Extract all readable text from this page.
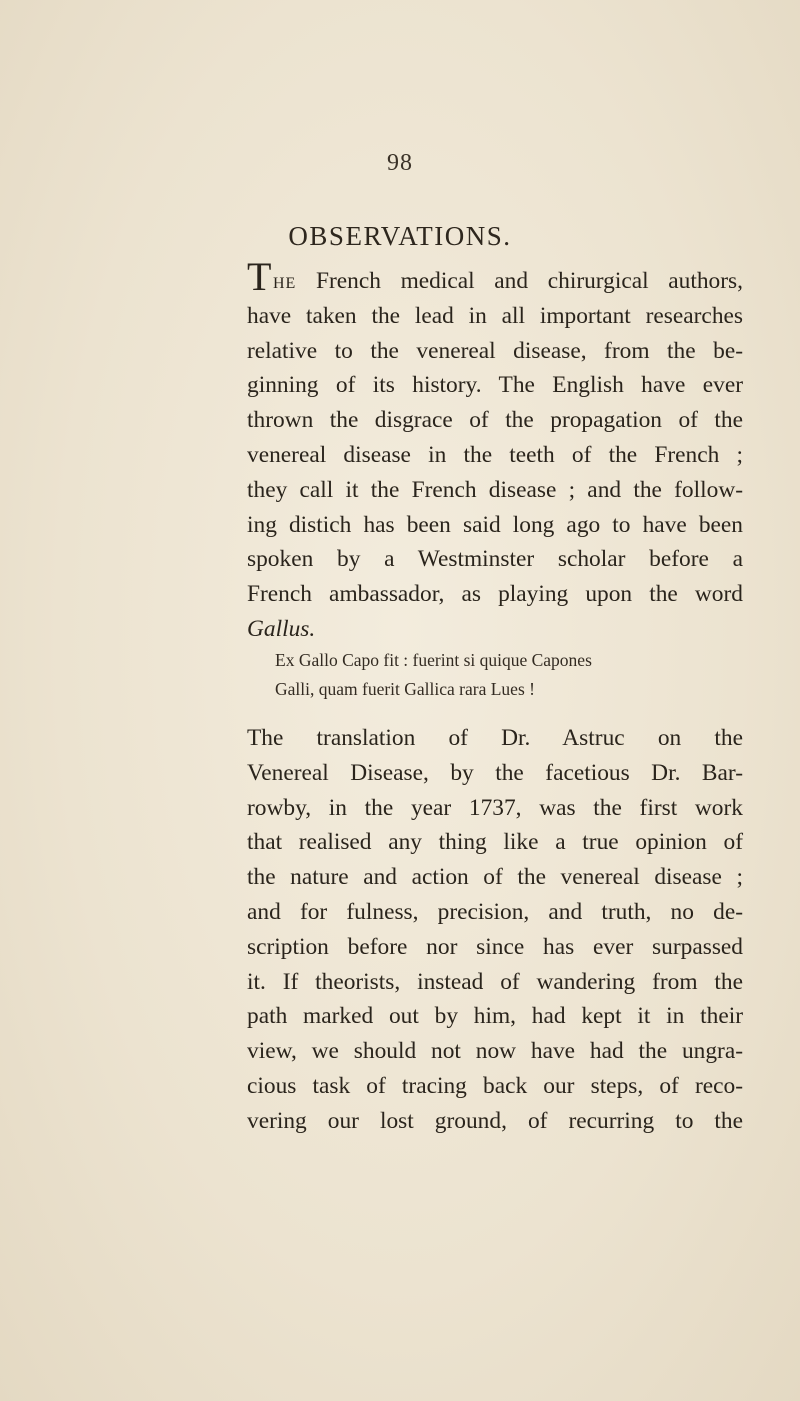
98
OBSERVATIONS.
T he French medical and chirurgical authors,
have taken the lead in all important researches
relative to the venereal disease, from the be-
ginning of its history. The English have ever
thrown the disgrace of the propagation of the
venereal disease in the teeth of the French ;
they call it the French disease ; and the follow-
ing distich has been said long ago to have been
spoken by a Westminster scholar before a
French ambassador, as playing upon the word
Gallus.
Ex Gallo Capo fit : fuerint si quique Capones
Galli, quam fuerit Gallica rara Lues !
The translation of Dr. Astruc on the
Venereal Disease, by the facetious Dr. Bar-
rowby, in the year 1737, was the first work
that realised any thing like a true opinion of
the nature and action of the venereal disease ;
and for fulness, precision, and truth, no de-
scription before nor since has ever surpassed
it. If theorists, instead of wandering from the
path marked out by him, had kept it in their
view, we should not now have had the ungra-
cious task of tracing back our steps, of reco-
vering our lost ground, of recurring to the
